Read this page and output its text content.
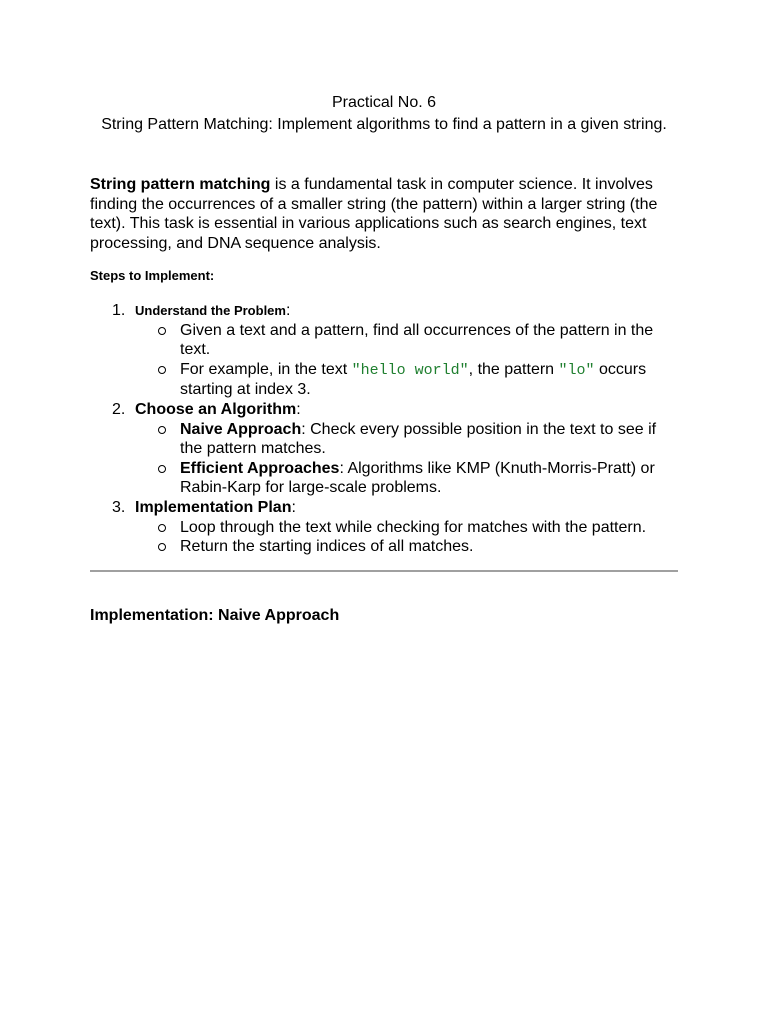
Practical No. 6
String Pattern Matching: Implement algorithms to find a pattern in a given string.
String pattern matching is a fundamental task in computer science. It involves finding the occurrences of a smaller string (the pattern) within a larger string (the text). This task is essential in various applications such as search engines, text processing, and DNA sequence analysis.
Steps to Implement:
1. Understand the Problem:
Given a text and a pattern, find all occurrences of the pattern in the text.
For example, in the text "hello world", the pattern "lo" occurs starting at index 3.
2. Choose an Algorithm:
Naive Approach: Check every possible position in the text to see if the pattern matches.
Efficient Approaches: Algorithms like KMP (Knuth-Morris-Pratt) or Rabin-Karp for large-scale problems.
3. Implementation Plan:
Loop through the text while checking for matches with the pattern.
Return the starting indices of all matches.
Implementation: Naive Approach
